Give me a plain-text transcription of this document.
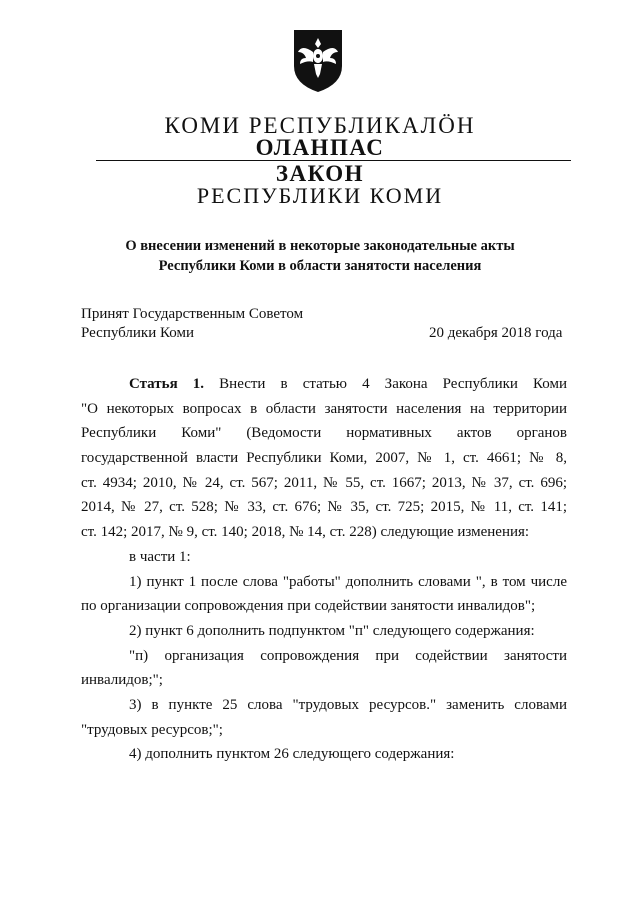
КОМИ РЕСПУБЛИКАЛÖН
ОЛАНПАС
ЗАКОН
РЕСПУБЛИКИ КОМИ
О внесении изменений в некоторые законодательные акты
Республики Коми в области занятости населения
Принят Государственным Советом
Республики Коми	20 декабря 2018 года
Статья 1. Внести в статью 4 Закона Республики Коми
"О некоторых вопросах в области занятости населения на территории
Республики Коми" (Ведомости нормативных актов органов
государственной власти Республики Коми, 2007, № 1, ст. 4661; № 8,
ст. 4934; 2010, № 24, ст. 567; 2011, № 55, ст. 1667; 2013, № 37, ст. 696;
2014, № 27, ст. 528; № 33, ст. 676; № 35, ст. 725; 2015, № 11, ст. 141;
ст. 142; 2017, № 9, ст. 140; 2018, № 14, ст. 228) следующие изменения:
в части 1:
1) пункт 1 после слова "работы" дополнить словами ", в том числе
по организации сопровождения при содействии занятости инвалидов";
2) пункт 6 дополнить подпунктом "п" следующего содержания:
"п) организация сопровождения при содействии занятости
инвалидов;";
3) в пункте 25 слова "трудовых ресурсов." заменить словами
"трудовых ресурсов;";
4) дополнить пунктом 26 следующего содержания:
